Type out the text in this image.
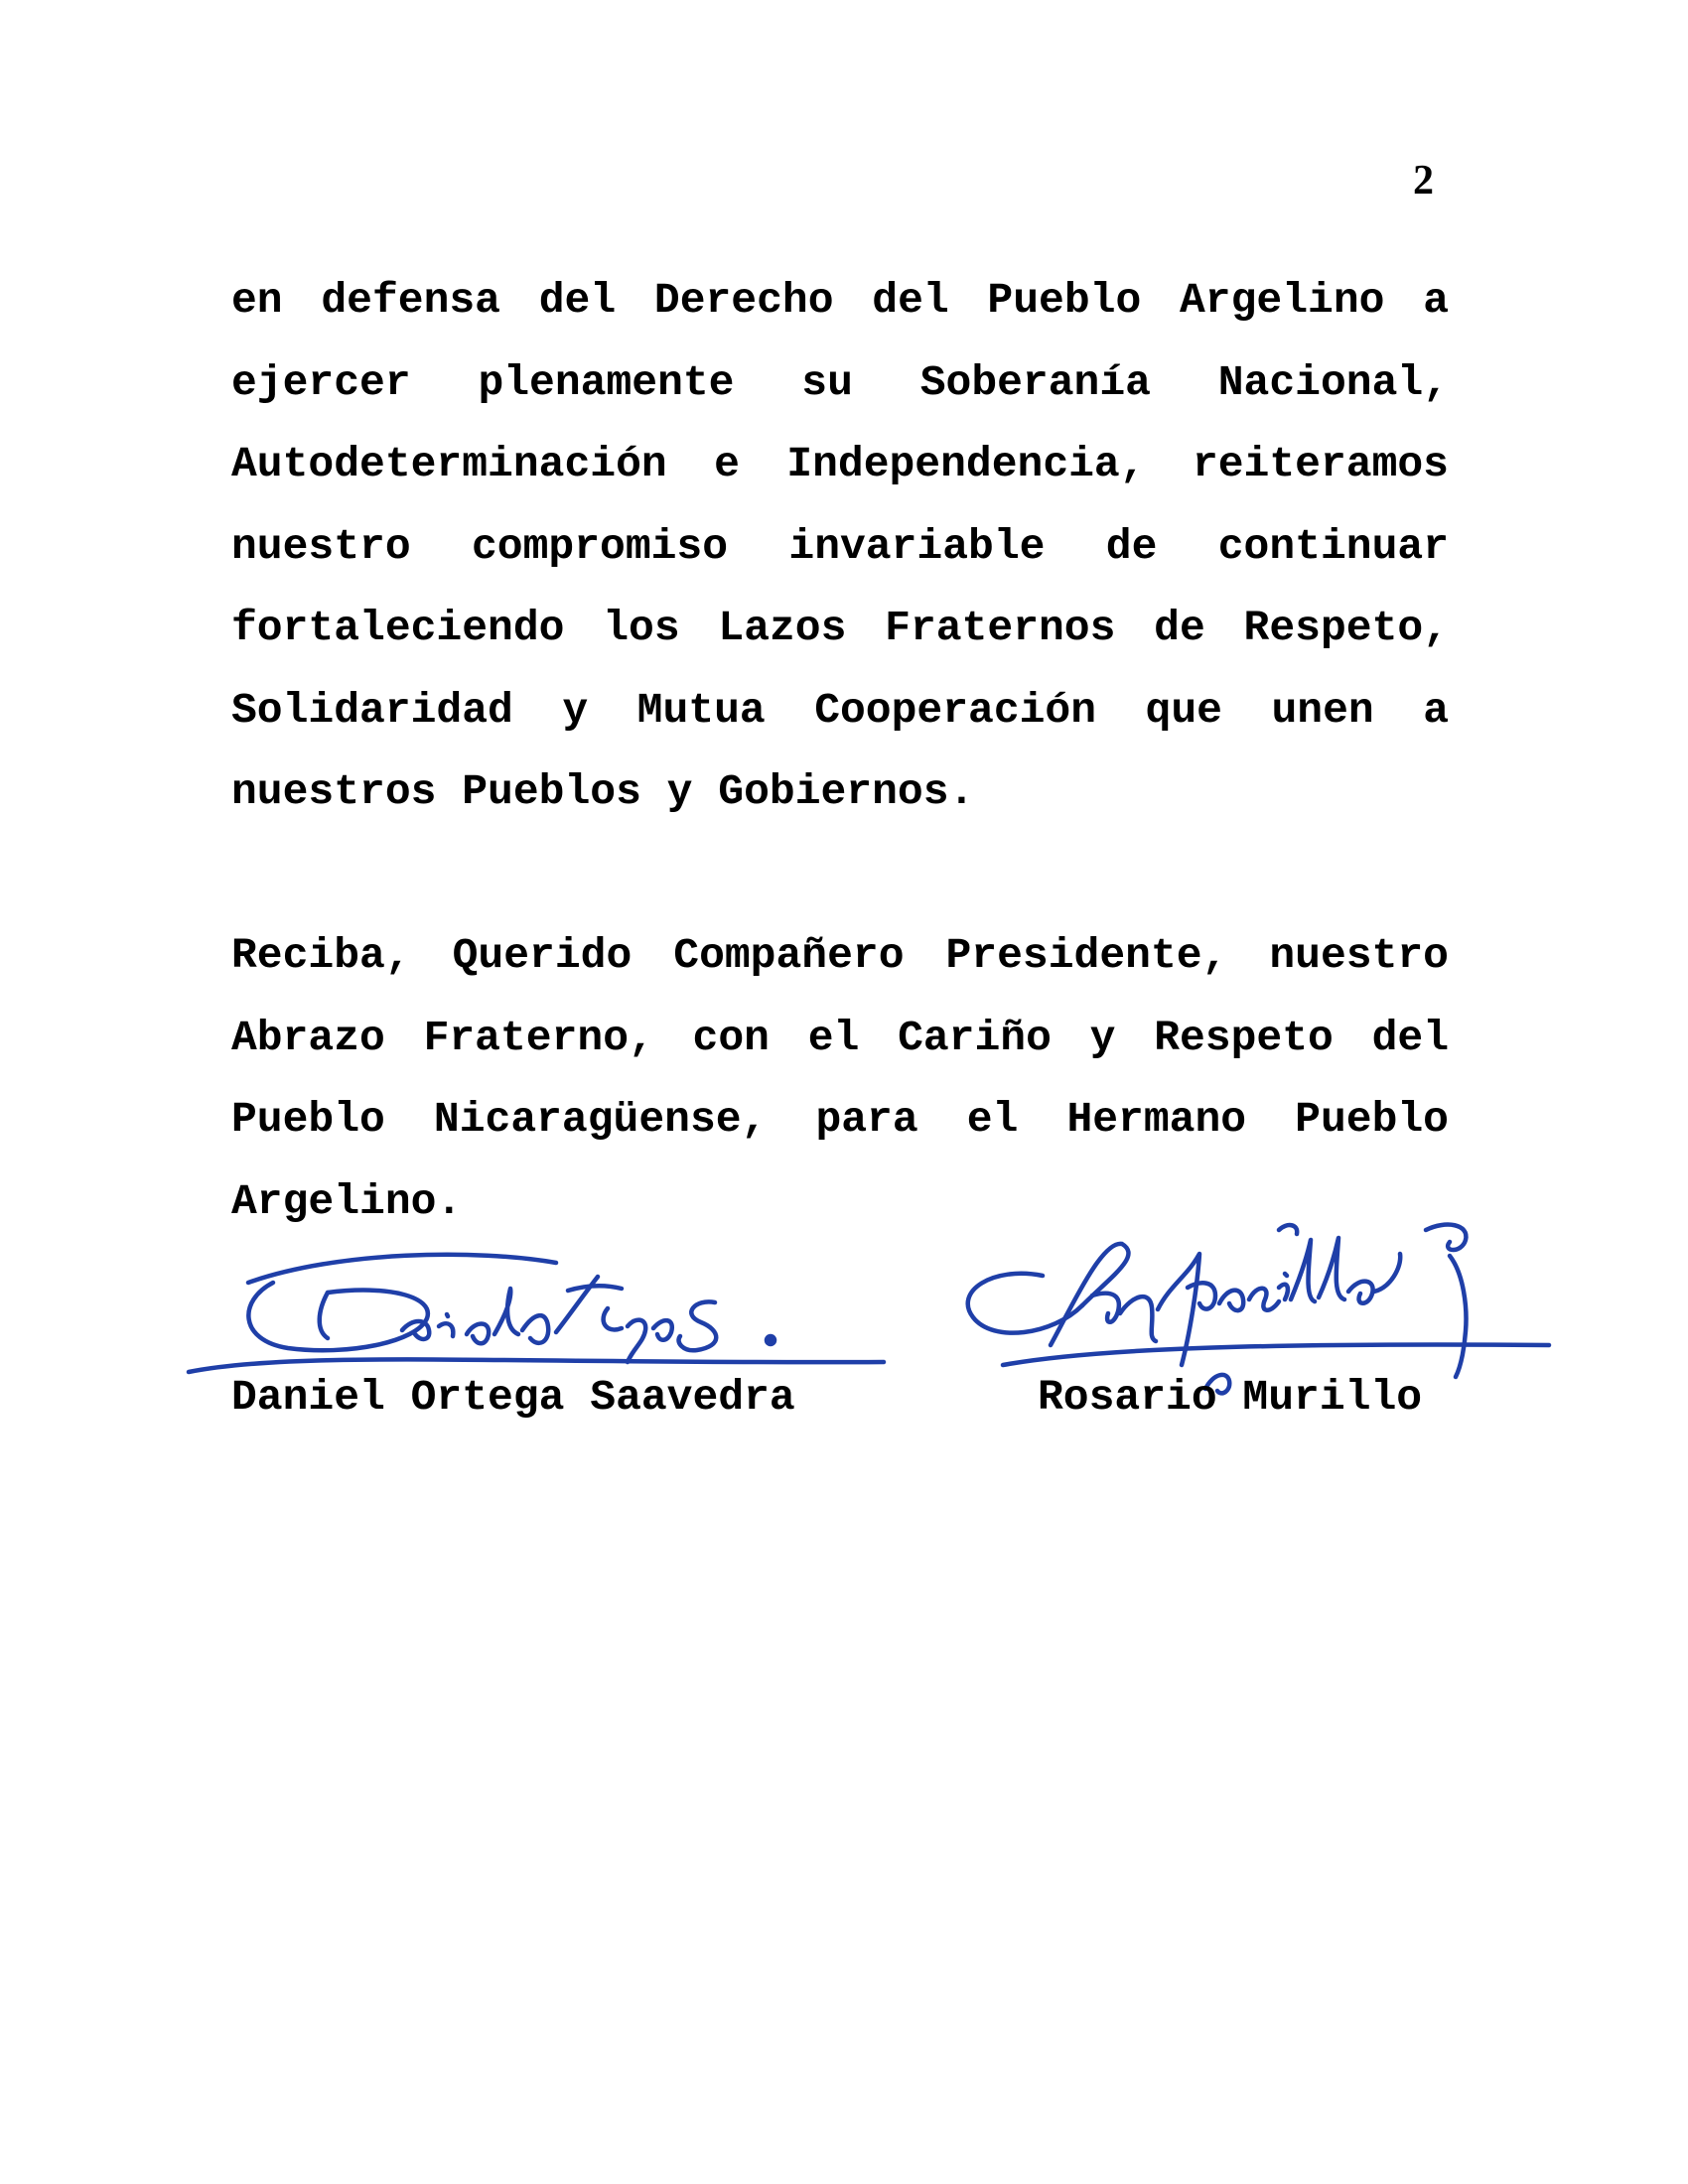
2
en defensa del Derecho del Pueblo Argelino a
ejercer plenamente su Soberanía Nacional,
Autodeterminación e Independencia, reiteramos
nuestro compromiso invariable de continuar
fortaleciendo los Lazos Fraternos de Respeto,
Solidaridad y Mutua Cooperación que unen a
nuestros Pueblos y Gobiernos.
Reciba, Querido Compañero Presidente, nuestro
Abrazo Fraterno, con el Cariño y Respeto del
Pueblo Nicaragüense, para el Hermano Pueblo
Argelino.
Daniel Ortega Saavedra	Rosario Murillo
